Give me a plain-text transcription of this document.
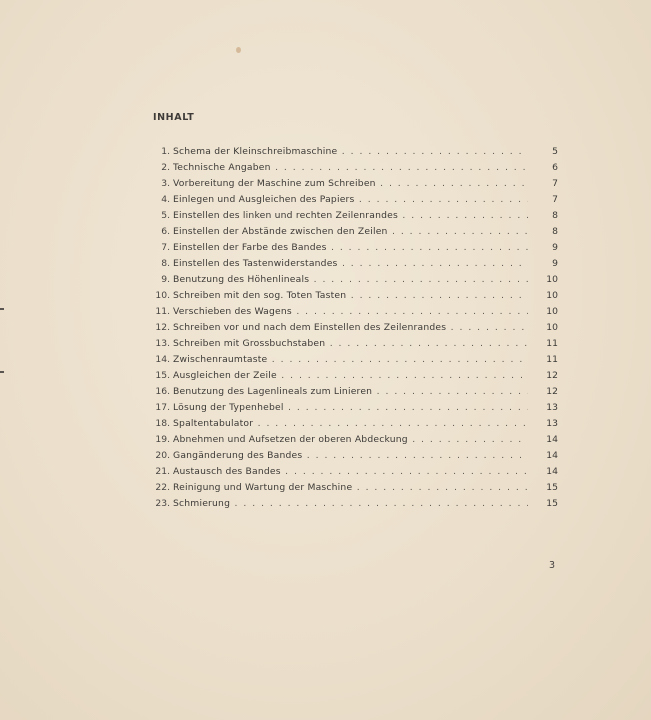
INHALT
1. Schema der Kleinschreibmaschine . .	5
2. Technische Angaben . .	6
3. Vorbereitung der Maschine zum Schreiben . .	7
4. Einlegen und Ausgleichen des Papiers . .	7
5. Einstellen des linken und rechten Zeilenrandes . .	8
6. Einstellen der Abstände zwischen den Zeilen . .	8
7. Einstellen der Farbe des Bandes . .	9
8. Einstellen des Tastenwiderstandes . .	9
9. Benutzung des Höhenlineals . .	10
10. Schreiben mit den sog. Toten Tasten . .	10
11. Verschieben des Wagens . .	10
12. Schreiben vor und nach dem Einstellen des Zeilenrandes . .	10
13. Schreiben mit Grossbuchstaben . .	11
14. Zwischenraumtaste . .	11
15. Ausgleichen der Zeile . .	12
16. Benutzung des Lagenlineals zum Linieren . .	12
17. Lösung der Typenhebel . .	13
18. Spaltentabulator . .	13
19. Abnehmen und Aufsetzen der oberen Abdeckung . .	14
20. Gangänderung des Bandes . .	14
21. Austausch des Bandes . .	14
22. Reinigung und Wartung der Maschine . .	15
23. Schmierung . .	15
3
